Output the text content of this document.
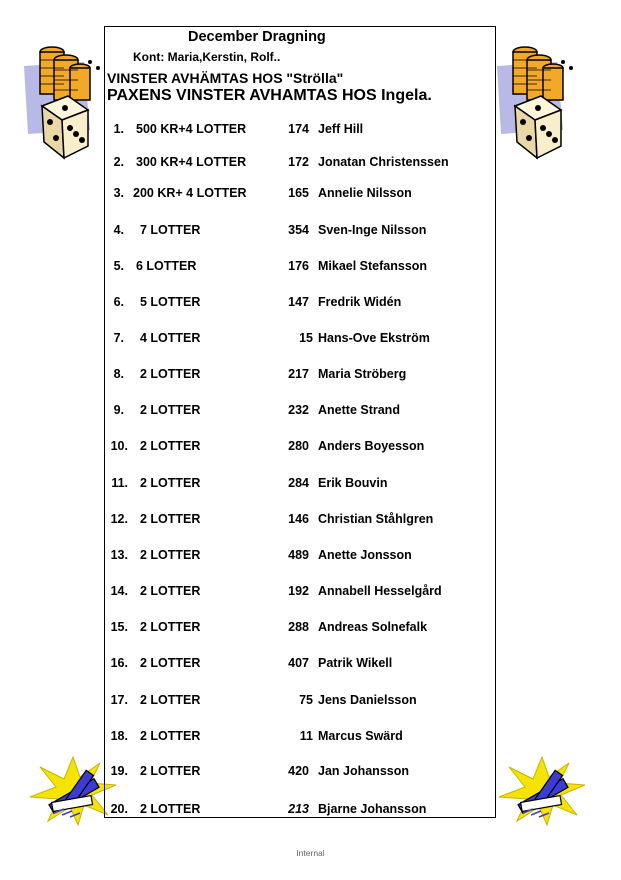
December Dragning
Kont: Maria,Kerstin, Rolf..
VINSTER AVHÄMTAS HOS "Strölla"
PAXENS VINSTER AVHAMTAS HOS Ingela.
1. 500 KR+4 LOTTER	174 Jeff Hill
2. 300 KR+4 LOTTER	172 Jonatan Christenssen
3. 200 KR+ 4 LOTTER	165 Annelie Nilsson
4. 7 LOTTER	354 Sven-Inge Nilsson
5. 6 LOTTER	176 Mikael Stefansson
6. 5 LOTTER	147 Fredrik Widén
7. 4 LOTTER	15 Hans-Ove Ekström
8. 2 LOTTER	217 Maria Ströberg
9. 2 LOTTER	232 Anette Strand
10. 2 LOTTER	280 Anders Boyesson
11. 2 LOTTER	284 Erik Bouvin
12. 2 LOTTER	146 Christian Ståhlgren
13. 2 LOTTER	489 Anette Jonsson
14. 2 LOTTER	192 Annabell Hesselgård
15. 2 LOTTER	288 Andreas Solnefalk
16. 2 LOTTER	407 Patrik Wikell
17. 2 LOTTER	75 Jens Danielsson
18. 2 LOTTER	11 Marcus Swärd
19. 2 LOTTER	420 Jan Johansson
20. 2 LOTTER	213 Bjarne Johansson
Internal
